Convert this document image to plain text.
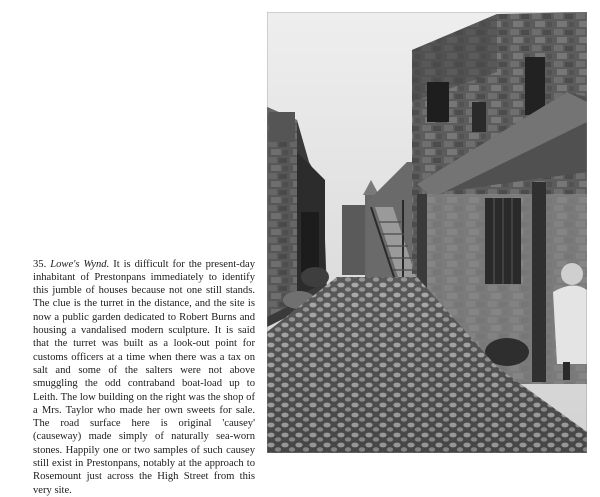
35. Lowe's Wynd. It is difficult for the present-day inhabitant of Prestonpans immediately to identify this jumble of houses because not one still stands. The clue is the turret in the distance, and the site is now a public garden dedicated to Robert Burns and housing a vandalised modern sculpture. It is said that the turret was built as a look-out point for customs officers at a time when there was a tax on salt and some of the salters were not above smuggling the odd contraband boat-load up to Leith. The low building on the right was the shop of a Mrs. Taylor who made her own sweets for sale. The road surface here is original 'causey' (causeway) made simply of naturally sea-worn stones. Happily one or two samples of such causey still exist in Prestonpans, notably at the approach to Rosemount just across the High Street from this very site.
